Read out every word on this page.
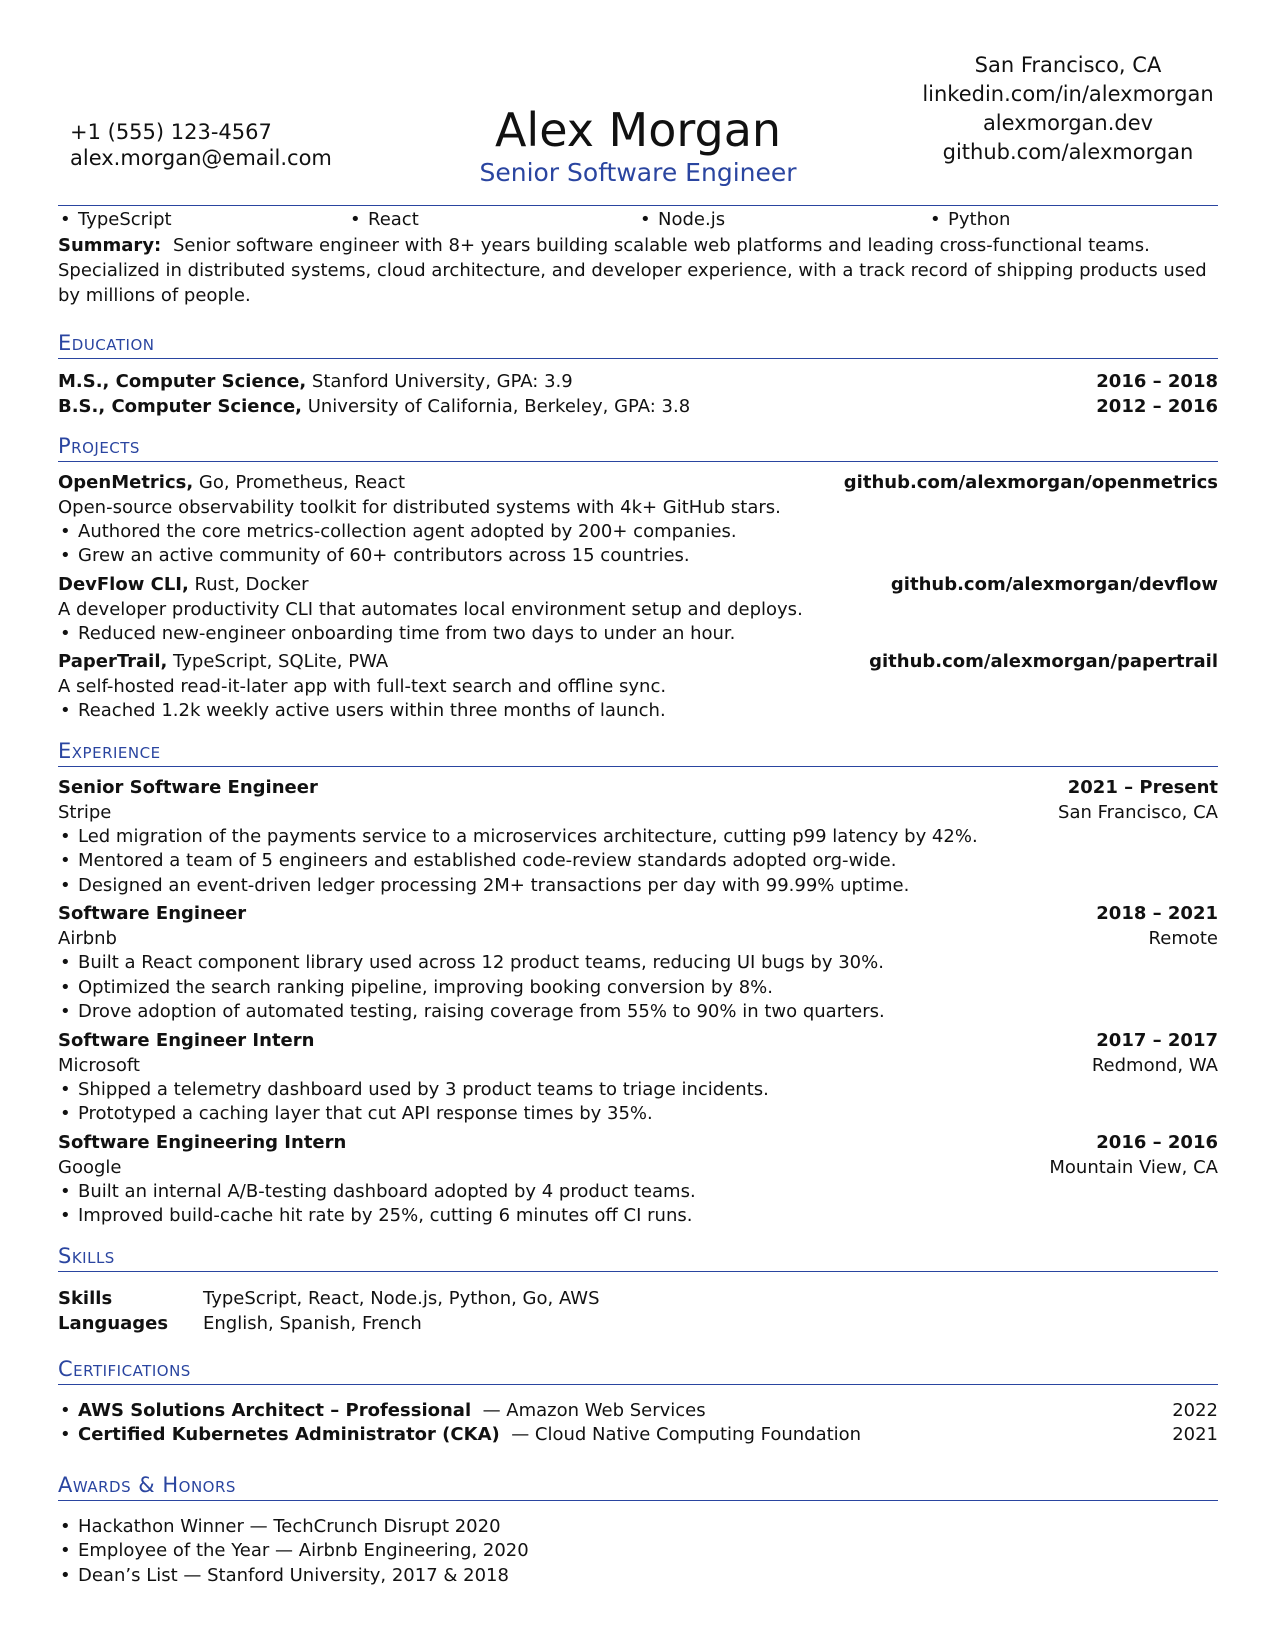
+1 (555) 123-4567
alex.morgan@email.com
Alex Morgan
Senior Software Engineer
San Francisco, CA
linkedin.com/in/alexmorgan
alexmorgan.dev
github.com/alexmorgan
• TypeScript	• React	• Node.js	• Python
Summary: Senior software engineer with 8+ years building scalable web platforms and leading cross-functional teams. Specialized in distributed systems, cloud architecture, and developer experience, with a track record of shipping products used by millions of people.
Education
M.S., Computer Science, Stanford University, GPA: 3.9	2016 – 2018
B.S., Computer Science, University of California, Berkeley, GPA: 3.8	2012 – 2016
Projects
OpenMetrics, Go, Prometheus, React	github.com/alexmorgan/openmetrics
Open-source observability toolkit for distributed systems with 4k+ GitHub stars.
• Authored the core metrics-collection agent adopted by 200+ companies.
• Grew an active community of 60+ contributors across 15 countries.
DevFlow CLI, Rust, Docker	github.com/alexmorgan/devflow
A developer productivity CLI that automates local environment setup and deploys.
• Reduced new-engineer onboarding time from two days to under an hour.
PaperTrail, TypeScript, SQLite, PWA	github.com/alexmorgan/papertrail
A self-hosted read-it-later app with full-text search and offline sync.
• Reached 1.2k weekly active users within three months of launch.
Experience
Senior Software Engineer	2021 – Present
Stripe	San Francisco, CA
• Led migration of the payments service to a microservices architecture, cutting p99 latency by 42%.
• Mentored a team of 5 engineers and established code-review standards adopted org-wide.
• Designed an event-driven ledger processing 2M+ transactions per day with 99.99% uptime.
Software Engineer	2018 – 2021
Airbnb	Remote
• Built a React component library used across 12 product teams, reducing UI bugs by 30%.
• Optimized the search ranking pipeline, improving booking conversion by 8%.
• Drove adoption of automated testing, raising coverage from 55% to 90% in two quarters.
Software Engineer Intern	2017 – 2017
Microsoft	Redmond, WA
• Shipped a telemetry dashboard used by 3 product teams to triage incidents.
• Prototyped a caching layer that cut API response times by 35%.
Software Engineering Intern	2016 – 2016
Google	Mountain View, CA
• Built an internal A/B-testing dashboard adopted by 4 product teams.
• Improved build-cache hit rate by 25%, cutting 6 minutes off CI runs.
Skills
Skills	TypeScript, React, Node.js, Python, Go, AWS
Languages	English, Spanish, French
Certifications
• AWS Solutions Architect – Professional — Amazon Web Services	2022
• Certified Kubernetes Administrator (CKA) — Cloud Native Computing Foundation	2021
Awards & Honors
• Hackathon Winner — TechCrunch Disrupt 2020
• Employee of the Year — Airbnb Engineering, 2020
• Dean’s List — Stanford University, 2017 & 2018
